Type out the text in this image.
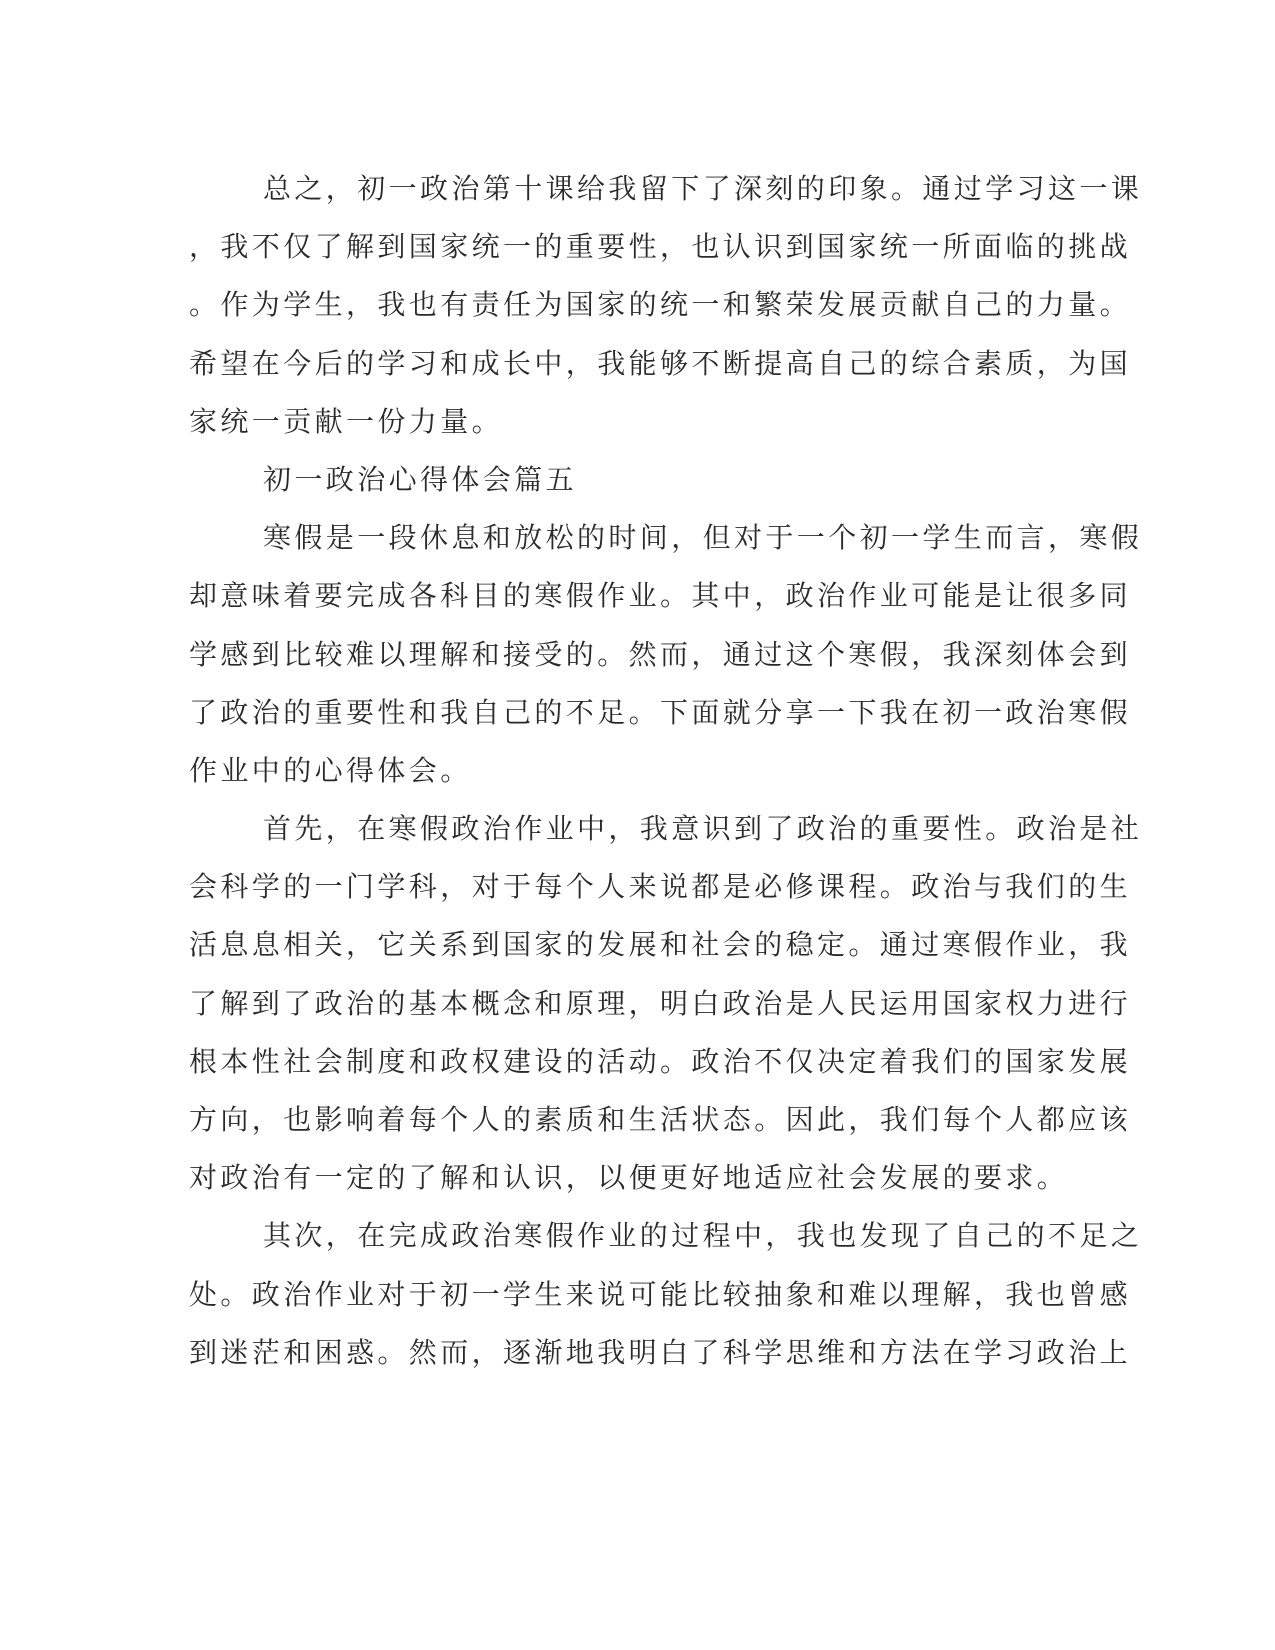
总之，初一政治第十课给我留下了深刻的印象。通过学习这一课
，我不仅了解到国家统一的重要性，也认识到国家统一所面临的挑战
。作为学生，我也有责任为国家的统一和繁荣发展贡献自己的力量。
希望在今后的学习和成长中，我能够不断提高自己的综合素质，为国
家统一贡献一份力量。
初一政治心得体会篇五
寒假是一段休息和放松的时间，但对于一个初一学生而言，寒假
却意味着要完成各科目的寒假作业。其中，政治作业可能是让很多同
学感到比较难以理解和接受的。然而，通过这个寒假，我深刻体会到
了政治的重要性和我自己的不足。下面就分享一下我在初一政治寒假
作业中的心得体会。
首先，在寒假政治作业中，我意识到了政治的重要性。政治是社
会科学的一门学科，对于每个人来说都是必修课程。政治与我们的生
活息息相关，它关系到国家的发展和社会的稳定。通过寒假作业，我
了解到了政治的基本概念和原理，明白政治是人民运用国家权力进行
根本性社会制度和政权建设的活动。政治不仅决定着我们的国家发展
方向，也影响着每个人的素质和生活状态。因此，我们每个人都应该
对政治有一定的了解和认识，以便更好地适应社会发展的要求。
其次，在完成政治寒假作业的过程中，我也发现了自己的不足之
处。政治作业对于初一学生来说可能比较抽象和难以理解，我也曾感
到迷茫和困惑。然而，逐渐地我明白了科学思维和方法在学习政治上
